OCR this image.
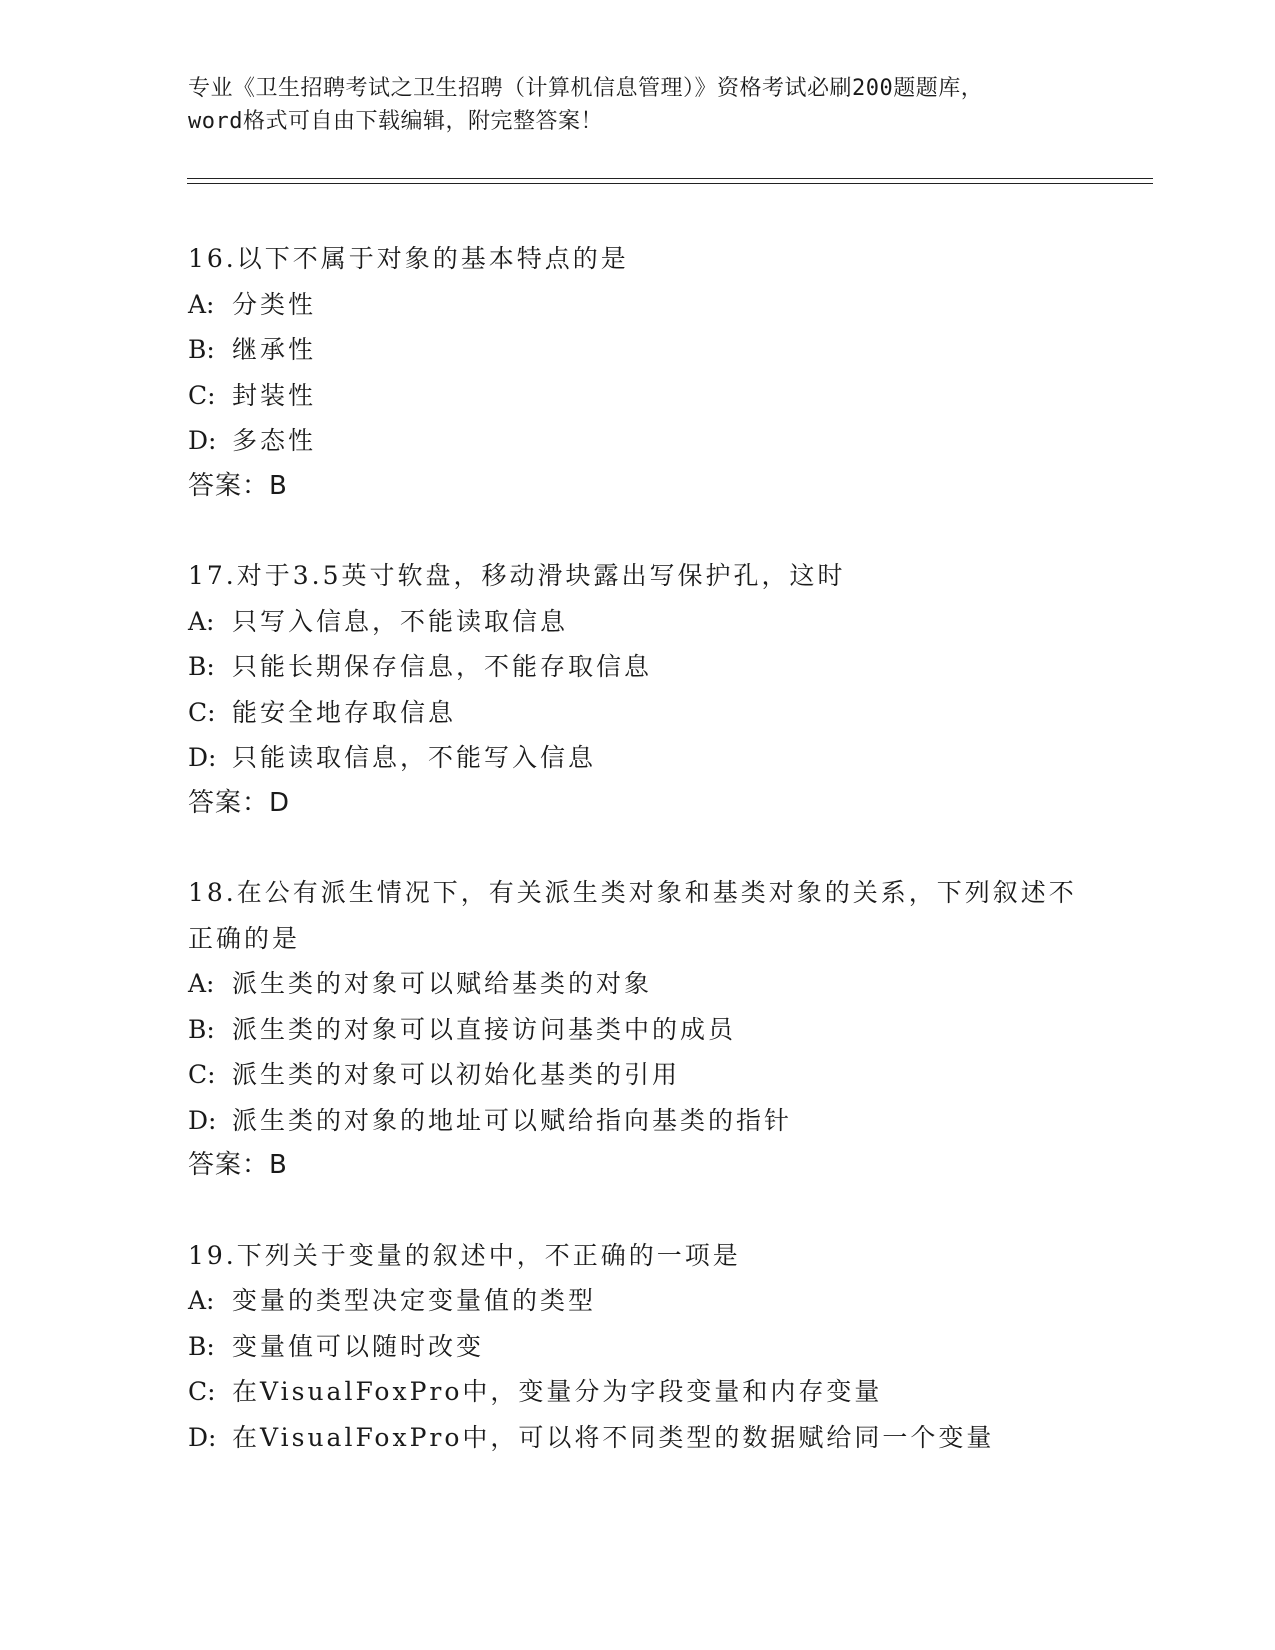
专业《卫生招聘考试之卫生招聘（计算机信息管理）》资格考试必刷200题题库，
word格式可自由下载编辑，附完整答案！
16.以下不属于对象的基本特点的是
A: 分类性
B: 继承性
C: 封装性
D: 多态性
答案：B
17.对于3.5英寸软盘，移动滑块露出写保护孔，这时
A: 只写入信息，不能读取信息
B: 只能长期保存信息，不能存取信息
C: 能安全地存取信息
D: 只能读取信息，不能写入信息
答案：D
18.在公有派生情况下，有关派生类对象和基类对象的关系，下列叙述不正确的是
A: 派生类的对象可以赋给基类的对象
B: 派生类的对象可以直接访问基类中的成员
C: 派生类的对象可以初始化基类的引用
D: 派生类的对象的地址可以赋给指向基类的指针
答案：B
19.下列关于变量的叙述中，不正确的一项是
A: 变量的类型决定变量值的类型
B: 变量值可以随时改变
C: 在VisualFoxPro中，变量分为字段变量和内存变量
D: 在VisualFoxPro中，可以将不同类型的数据赋给同一个变量
